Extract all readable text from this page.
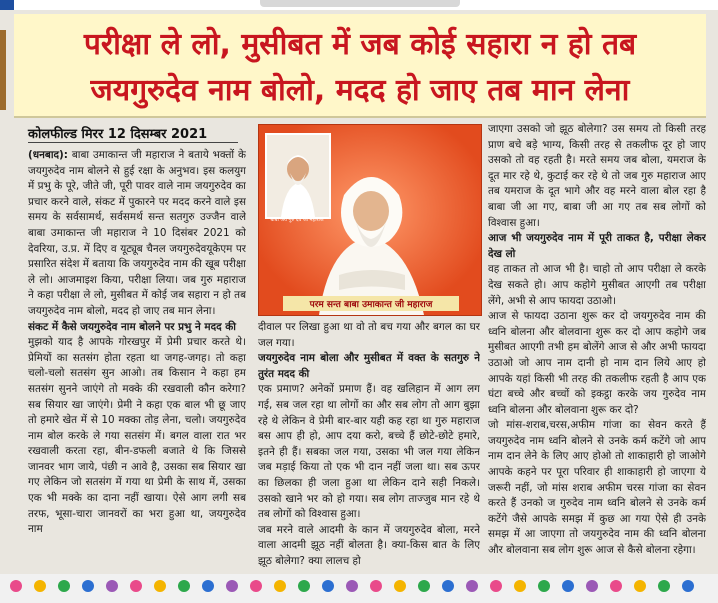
परीक्षा ले लो, मुसीबत में जब कोई सहारा न हो तब
जयगुरुदेव नाम बोलो, मदद हो जाए तब मान लेना
कोलफील्ड मिरर 12 दिसम्बर 2021

(धनबाद): बाबा उमाकान्त जी महाराज ने बताये भक्तों के जयगुरुदेव नाम बोलने से हुई रक्षा के अनुभव। इस कलयुग में प्रभु के पूरे, जीते जी, पूरी पावर वाले नाम जयगुरुदेव का प्रचार करने वाले, संकट में पुकारने पर मदद करने वाले इस समय के सर्वसामर्थ, सर्वसमर्थ सन्त सतगुरु उज्जैन वाले बाबा उमाकान्त जी महाराज ने 10 दिसंबर 2021 को देवरिया, उ.प्र. में दिए व यूट्यूब चैनल जयगुरुदेवयूकेएम पर प्रसारित संदेश में बताया कि जयगुरुदेव नाम की खूब परीक्षा ले लो। आजमाइश किया, परीक्षा लिया। जब गुरु महाराज ने कहा परीक्षा ले लो, मुसीबत में कोई जब सहारा न हो तब जयगुरुदेव नाम बोलो, मदद हो जाए तब मान लेना।

संकट में कैसे जयगुरुदेव नाम बोलने पर प्रभु ने मदद की

मुझको याद है आपके गोरखपुर में प्रेमी प्रचार करते थे। प्रेमियों का सतसंग होता रहता था जगह-जगह। तो कहा चलो-चलो सतसंग सुन आओ। तब किसान ने कहा हम सतसंग सुनने जाएंगे तो मक्के की रखवाली कौन करेगा? सब सियार खा जाएंगे। प्रेमी ने कहा एक बाल भी छू जाए तो हमारे खेत में से 10 मक्का तोड़ लेना, चलो। जयगुरुदेव नाम बोल करके ले गया सतसंग में। बगल वाला रात भर रखवाली करता रहा, बीन-डफली बजाते थे कि जिससे जानवर भाग जाये, पंछी न आवे है, उसका सब सियार खा गए लेकिन जो सतसंग में गया था प्रेमी के साथ में, उसका एक भी मक्के का दाना नहीं खाया। ऐसे आग लगी सब तरफ, भूसा-चारा जानवरों का भरा हुआ था, जयगुरुदेव नाम

बाबा जय गुरु देव जी महाराज
परम सन्त बाबा उमाकान्त जी महाराज

दीवाल पर लिखा हुआ था वो तो बच गया और बगल का घर जल गया।

जयगुरुदेव नाम बोला और मुसीबत में वक्त के सतगुरु ने तुरंत मदद की

एक प्रमाण? अनेकों प्रमाण हैं। वह खलिहान में आग लग गई, सब जल रहा था लोगों का और सब लोग तो आग बुझा रहे थे लेकिन वे प्रेमी बार-बार यही कह रहा था गुरु महाराज बस आप ही हो, आप दया करो, बच्चे हैं छोटे-छोटे हमारे, इतने ही हैं। सबका जल गया, उसका भी जल गया लेकिन जब मड़ाई किया तो एक भी दान नहीं जला था। सब ऊपर का छिलका ही जला हुआ था लेकिन दाने सही निकले। उसको खाने भर को हो गया। सब लोग ताज्जुब मान रहे थे तब लोगों को विश्वास हुआ।

जब मरने वाले आदमी के कान में जयगुरुदेव बोला, मरने वाला आदमी झूठ नहीं बोलता है। क्या-किस बात के लिए झूठ बोलेगा? क्या लालच हो

जाएगा उसको जो झूठ बोलेगा? उस समय तो किसी तरह प्राण बचे बड़े भाग्य, किसी तरह से तकलीफ दूर हो जाए उसको तो वह रहती है। मरते समय जब बोला, यमराज के दूत मार रहे थे, कुटाई कर रहे थे तो जब गुरु महाराज आए तब यमराज के दूत भागे और वह मरने वाला बोल रहा है बाबा जी आ गए, बाबा जी आ गए तब सब लोगों को विश्वास हुआ।

आज भी जयगुरुदेव नाम में पूरी ताकत है, परीक्षा लेकर देख लो

वह ताकत तो आज भी है। चाहो तो आप परीक्षा ले करके देख सकते हो। आप कहोगे मुसीबत आएगी तब परीक्षा लेंगे, अभी से आप फायदा उठाओ।

आज से फायदा उठाना शुरू कर दो जयगुरुदेव नाम की ध्वनि बोलना और बोलवाना शुरू कर दो आप कहोगे जब मुसीबत आएगी तभी हम बोलेंगे आज से और अभी फायदा उठाओ जो आप नाम दानी हो नाम दान लिये आए हो आपके यहां किसी भी तरह की तकलीफ रहती है आप एक घंटा बच्चे और बच्चों को इकट्ठा करके जय गुरुदेव नाम ध्वनि बोलना और बोलवाना शुरू कर दो?

जो मांस-शराब,चरस,अफीम गांजा का सेवन करते हैं जयगुरुदेव नाम ध्वनि बोलने से उनके कर्म कटेंगे जो आप नाम दान लेने के लिए आए होओ तो शाकाहारी हो जाओगे आपके कहने पर पूरा परिवार ही शाकाहारी हो जाएगा ये जरूरी नहीं, जो मांस शराब अफीम चरस गांजा का सेवन करते हैं उनको ज गुरुदेव नाम ध्वनि बोलने से उनके कर्म कटेंगे जैसे आपके समझ में कुछ आ गया ऐसे ही उनके समझ में आ जाएगा तो जयगुरुदेव नाम की ध्वनि बोलना और बोलवाना सब लोग शुरू आज से कैसे बोलना रहेगा।
